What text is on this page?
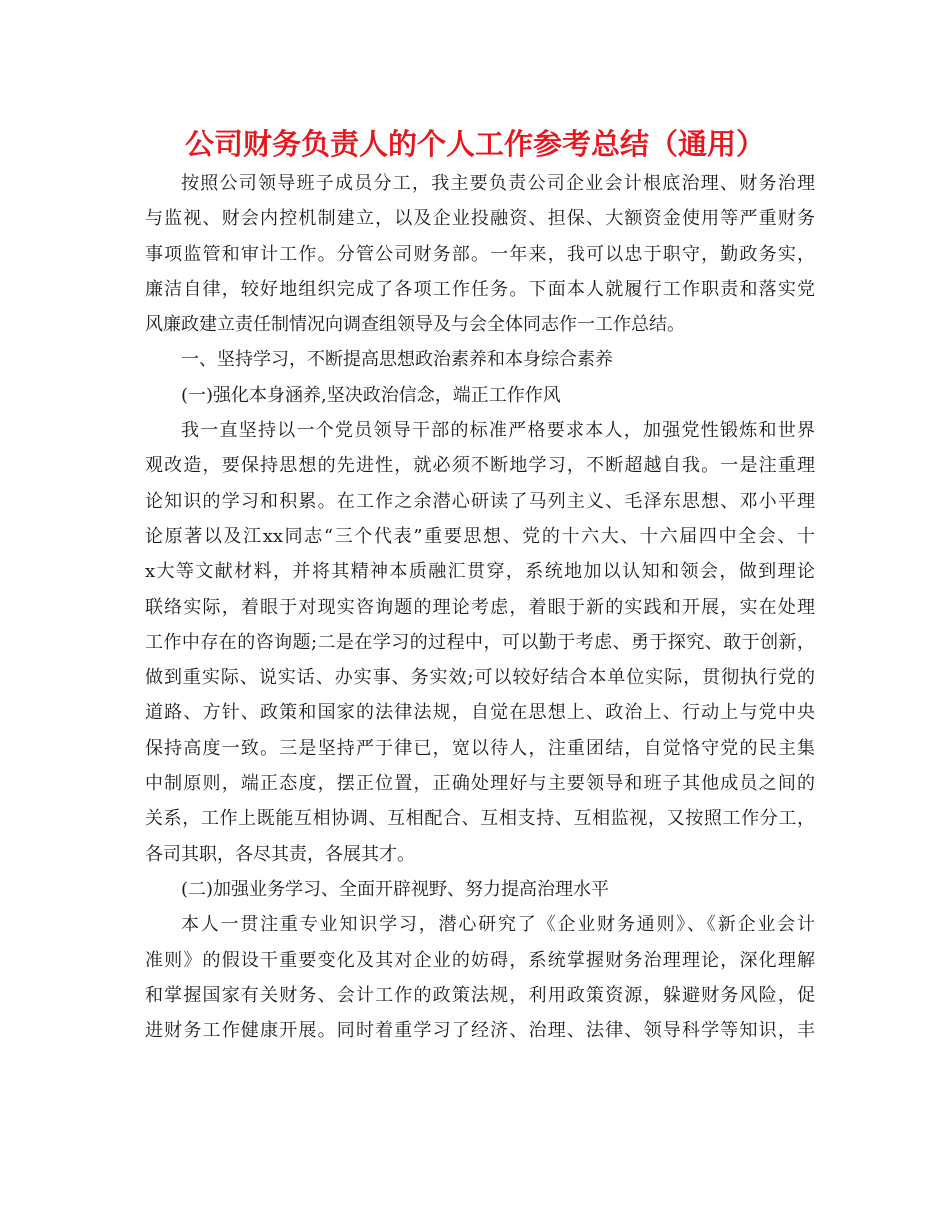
公司财务负责人的个人工作参考总结（通用）
按照公司领导班子成员分工，我主要负责公司企业会计根底治理、财务治理
与监视、财会内控机制建立，以及企业投融资、担保、大额资金使用等严重财务
事项监管和审计工作。分管公司财务部。一年来，我可以忠于职守，勤政务实，
廉洁自律，较好地组织完成了各项工作任务。下面本人就履行工作职责和落实党
风廉政建立责任制情况向调查组领导及与会全体同志作一工作总结。
一、坚持学习，不断提高思想政治素养和本身综合素养
(一)强化本身涵养,坚决政治信念，端正工作作风
我一直坚持以一个党员领导干部的标准严格要求本人，加强党性锻炼和世界
观改造，要保持思想的先进性，就必须不断地学习，不断超越自我。一是注重理
论知识的学习和积累。在工作之余潜心研读了马列主义、毛泽东思想、邓小平理
论原著以及江xx同志“三个代表”重要思想、党的十六大、十六届四中全会、十
x大等文献材料，并将其精神本质融汇贯穿，系统地加以认知和领会，做到理论
联络实际，着眼于对现实咨询题的理论考虑，着眼于新的实践和开展，实在处理
工作中存在的咨询题;二是在学习的过程中，可以勤于考虑、勇于探究、敢于创新，
做到重实际、说实话、办实事、务实效;可以较好结合本单位实际，贯彻执行党的
道路、方针、政策和国家的法律法规，自觉在思想上、政治上、行动上与党中央
保持高度一致。三是坚持严于律已，宽以待人，注重团结，自觉恪守党的民主集
中制原则，端正态度，摆正位置，正确处理好与主要领导和班子其他成员之间的
关系，工作上既能互相协调、互相配合、互相支持、互相监视，又按照工作分工，
各司其职，各尽其责，各展其才。
(二)加强业务学习、全面开辟视野、努力提高治理水平
本人一贯注重专业知识学习，潜心研究了《企业财务通则》、《新企业会计
准则》的假设干重要变化及其对企业的妨碍，系统掌握财务治理理论，深化理解
和掌握国家有关财务、会计工作的政策法规，利用政策资源，躲避财务风险，促
进财务工作健康开展。同时着重学习了经济、治理、法律、领导科学等知识，丰
